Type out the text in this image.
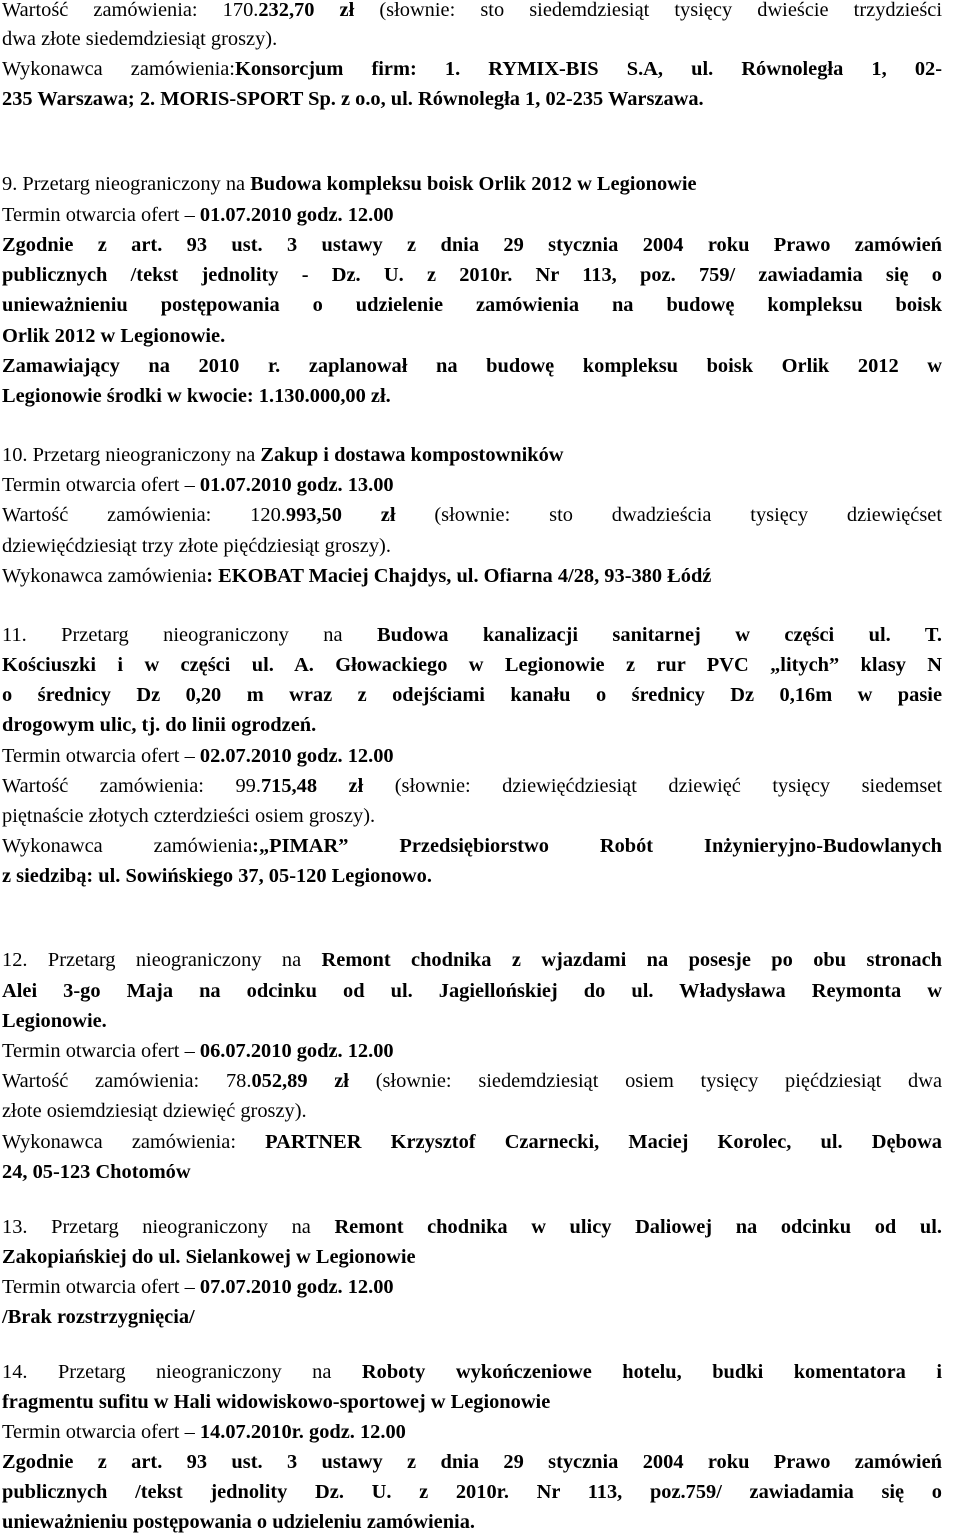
Wartość zamówienia: 170.232,70 zł (słownie: sto siedemdziesiąt tysięcy dwieście trzydzieści
dwa złote siedemdziesiąt groszy).
Wykonawca zamówienia:Konsorcjum firm: 1. RYMIX-BIS S.A, ul. Równoległa 1, 02-
235 Warszawa; 2. MORIS-SPORT Sp. z o.o, ul. Równoległa 1, 02-235 Warszawa.
9. Przetarg nieograniczony na Budowa kompleksu boisk Orlik 2012 w Legionowie
Termin otwarcia ofert – 01.07.2010 godz. 12.00
Zgodnie z art. 93 ust. 3 ustawy z dnia 29 stycznia 2004 roku Prawo zamówień
publicznych /tekst jednolity - Dz. U. z 2010r. Nr 113, poz. 759/ zawiadamia się o
unieważnieniu postępowania o udzielenie zamówienia na budowę kompleksu boisk
Orlik 2012 w Legionowie.
Zamawiający na 2010 r. zaplanował na budowę kompleksu boisk Orlik 2012 w
Legionowie środki w kwocie: 1.130.000,00 zł.
10. Przetarg nieograniczony na Zakup i dostawa kompostowników
Termin otwarcia ofert – 01.07.2010 godz. 13.00
Wartość zamówienia: 120.993,50 zł (słownie: sto dwadzieścia tysięcy dziewięćset
dziewięćdziesiąt trzy złote pięćdziesiąt groszy).
Wykonawca zamówienia: EKOBAT Maciej Chajdys, ul. Ofiarna 4/28, 93-380 Łódź
11. Przetarg nieograniczony na Budowa kanalizacji sanitarnej w części ul. T.
Kościuszki i w części ul. A. Głowackiego w Legionowie z rur PVC „litych” klasy N
o średnicy Dz 0,20 m wraz z odejściami kanału o średnicy Dz 0,16m w pasie
drogowym ulic, tj. do linii ogrodzeń.
Termin otwarcia ofert – 02.07.2010 godz. 12.00
Wartość zamówienia: 99.715,48 zł (słownie: dziewięćdziesiąt dziewięć tysięcy siedemset
piętnaście złotych czterdzieści osiem groszy).
Wykonawca zamówienia:„PIMAR” Przedsiębiorstwo Robót Inżynieryjno-Budowlanych
z siedzibą: ul. Sowińskiego 37, 05-120 Legionowo.
12. Przetarg nieograniczony na Remont chodnika z wjazdami na posesje po obu stronach
Alei 3-go Maja na odcinku od ul. Jagiellońskiej do ul. Władysława Reymonta w
Legionowie.
Termin otwarcia ofert – 06.07.2010 godz. 12.00
Wartość zamówienia: 78.052,89 zł (słownie: siedemdziesiąt osiem tysięcy pięćdziesiąt dwa
złote osiemdziesiąt dziewięć groszy).
Wykonawca zamówienia: PARTNER Krzysztof Czarnecki, Maciej Korolec, ul. Dębowa
24, 05-123 Chotomów
13. Przetarg nieograniczony na Remont chodnika w ulicy Daliowej na odcinku od ul.
Zakopiańskiej do ul. Sielankowej w Legionowie
Termin otwarcia ofert – 07.07.2010 godz. 12.00
/Brak rozstrzygnięcia/
14. Przetarg nieograniczony na Roboty wykończeniowe hotelu, budki komentatora i
fragmentu sufitu w Hali widowiskowo-sportowej w Legionowie
Termin otwarcia ofert – 14.07.2010r. godz. 12.00
Zgodnie z art. 93 ust. 3 ustawy z dnia 29 stycznia 2004 roku Prawo zamówień
publicznych /tekst jednolity Dz. U. z 2010r. Nr 113, poz.759/ zawiadamia się o
unieważnieniu postępowania o udzieleniu zamówienia.
